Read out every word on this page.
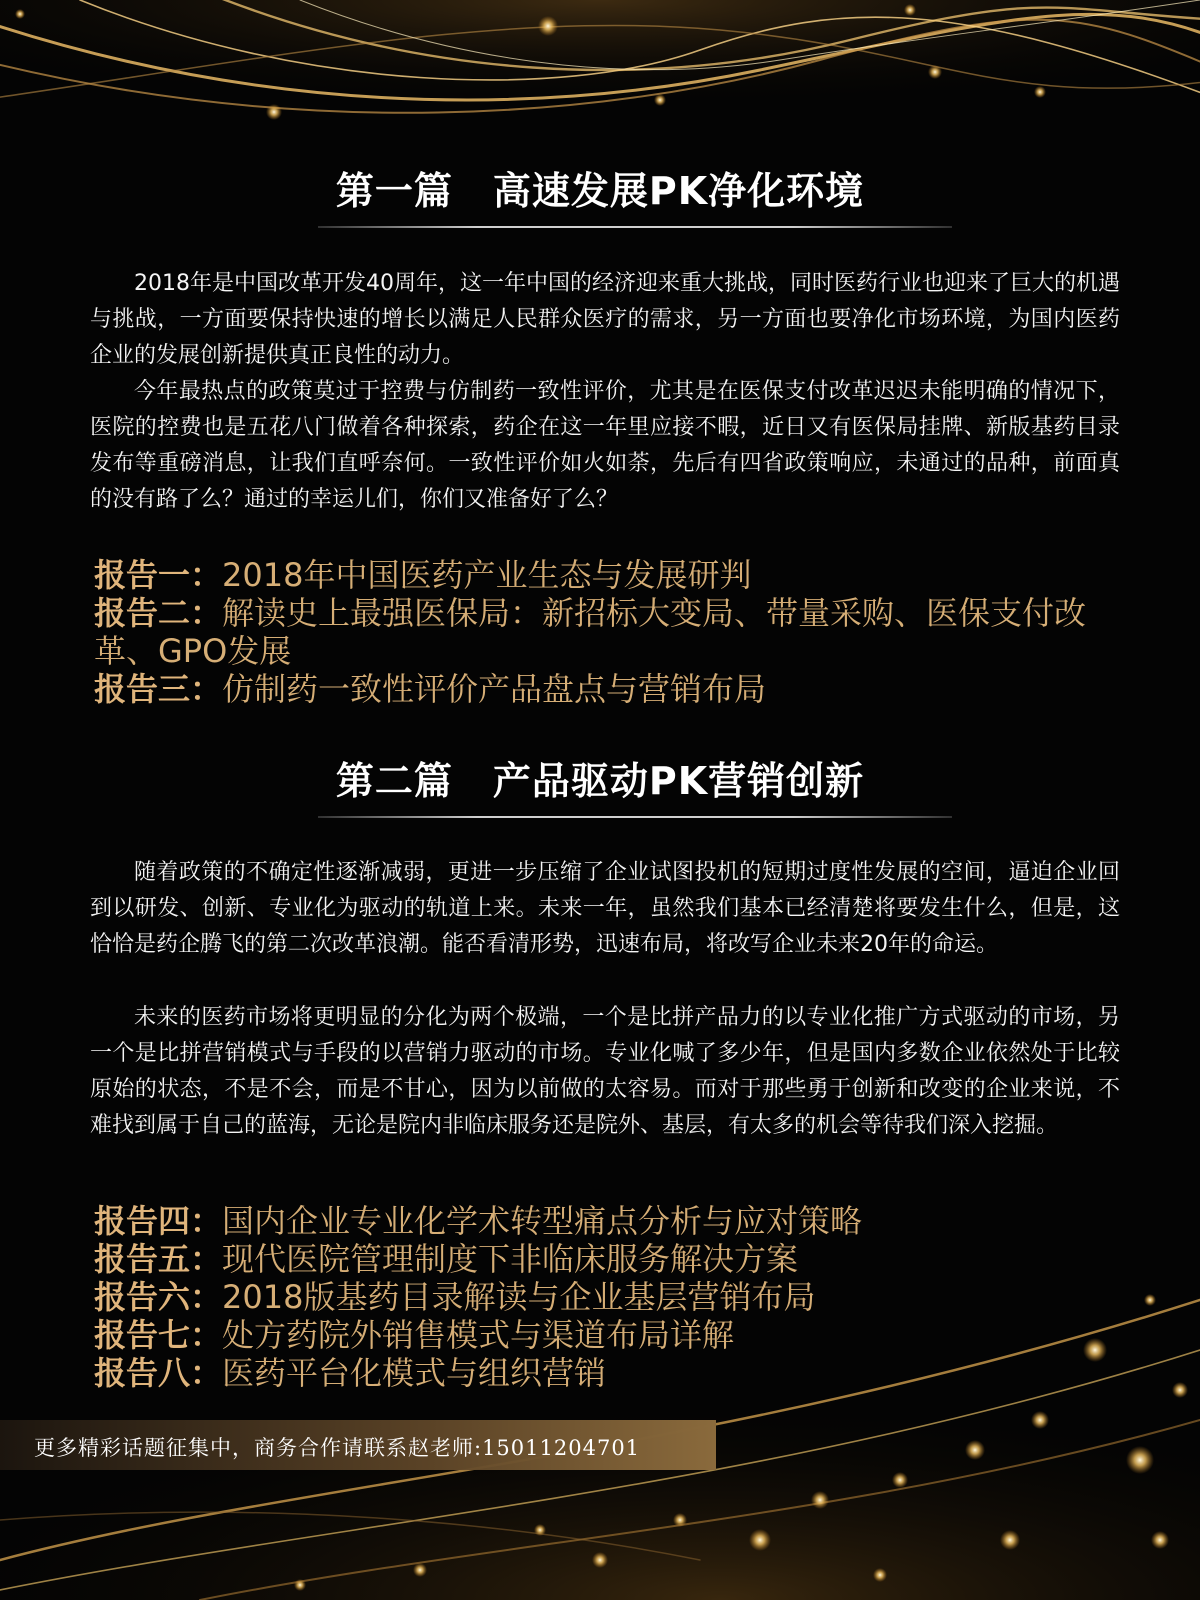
第一篇 高速发展PK净化环境

2018年是中国改革开发40周年，这一年中国的经济迎来重大挑战，同时医药行业也迎来了巨大的机遇与挑战，一方面要保持快速的增长以满足人民群众医疗的需求，另一方面也要净化市场环境，为国内医药企业的发展创新提供真正良性的动力。

今年最热点的政策莫过于控费与仿制药一致性评价，尤其是在医保支付改革迟迟未能明确的情况下，医院的控费也是五花八门做着各种探索，药企在这一年里应接不暇，近日又有医保局挂牌、新版基药目录发布等重磅消息，让我们直呼奈何。一致性评价如火如荼，先后有四省政策响应，未通过的品种，前面真的没有路了么？通过的幸运儿们，你们又准备好了么？

报告一：2018年中国医药产业生态与发展研判
报告二：解读史上最强医保局：新招标大变局、带量采购、医保支付改革、GPO发展
报告三：仿制药一致性评价产品盘点与营销布局
第二篇 产品驱动PK营销创新

随着政策的不确定性逐渐减弱，更进一步压缩了企业试图投机的短期过度性发展的空间，逼迫企业回到以研发、创新、专业化为驱动的轨道上来。未来一年，虽然我们基本已经清楚将要发生什么，但是，这恰恰是药企腾飞的第二次改革浪潮。能否看清形势，迅速布局，将改写企业未来20年的命运。

未来的医药市场将更明显的分化为两个极端，一个是比拼产品力的以专业化推广方式驱动的市场，另一个是比拼营销模式与手段的以营销力驱动的市场。专业化喊了多少年，但是国内多数企业依然处于比较原始的状态，不是不会，而是不甘心，因为以前做的太容易。而对于那些勇于创新和改变的企业来说，不难找到属于自己的蓝海，无论是院内非临床服务还是院外、基层，有太多的机会等待我们深入挖掘。

报告四：国内企业专业化学术转型痛点分析与应对策略
报告五：现代医院管理制度下非临床服务解决方案
报告六：2018版基药目录解读与企业基层营销布局
报告七：处方药院外销售模式与渠道布局详解
报告八：医药平台化模式与组织营销
更多精彩话题征集中，商务合作请联系赵老师:15011204701
